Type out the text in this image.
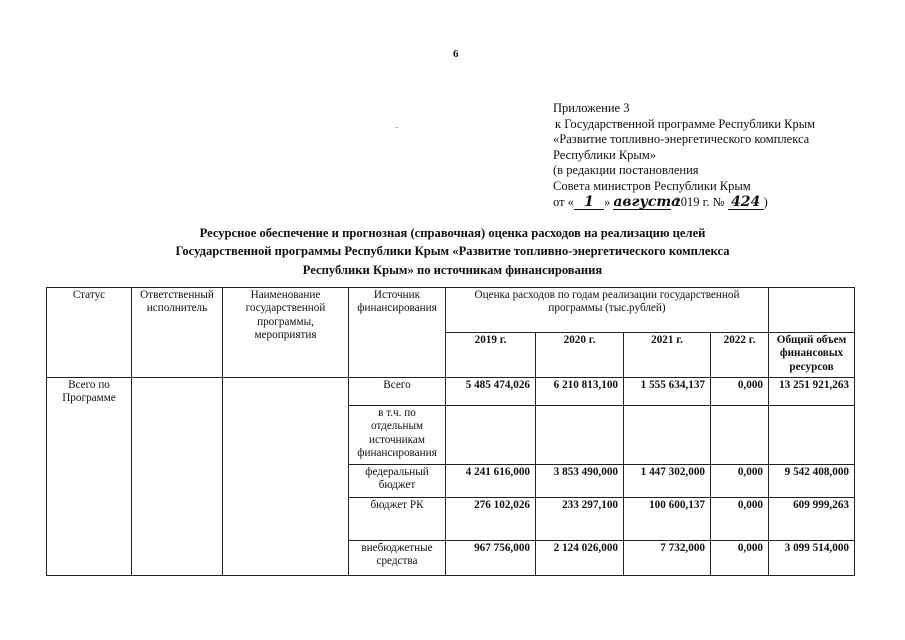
6
Приложение 3
к Государственной программе Республики Крым
«Развитие топливно-энергетического комплекса
Республики Крым»
(в редакции постановления
Совета министров Республики Крым
от « 1 » августа 2019 г. № 424 )
Ресурсное обеспечение и прогнозная (справочная) оценка расходов на реализацию целей
Государственной программы Республики Крым «Развитие топливно-энергетического комплекса
Республики Крым» по источникам финансирования
Статус	Ответственный исполнитель	Наименование государственной программы, мероприятия	Источник финансирования	Оценка расходов по годам реализации государственной программы (тыс.рублей)				
				2019 г.	2020 г.	2021 г.	2022 г.	Общий объем финансовых ресурсов
Всего по Программе			Всего	5 485 474,026	6 210 813,100	1 555 634,137	0,000	13 251 921,263
			в т.ч. по отдельным источникам финансирования					
			федеральный бюджет	4 241 616,000	3 853 490,000	1 447 302,000	0,000	9 542 408,000
			бюджет РК	276 102,026	233 297,100	100 600,137	0,000	609 999,263
			внебюджетные средства	967 756,000	2 124 026,000	7 732,000	0,000	3 099 514,000
